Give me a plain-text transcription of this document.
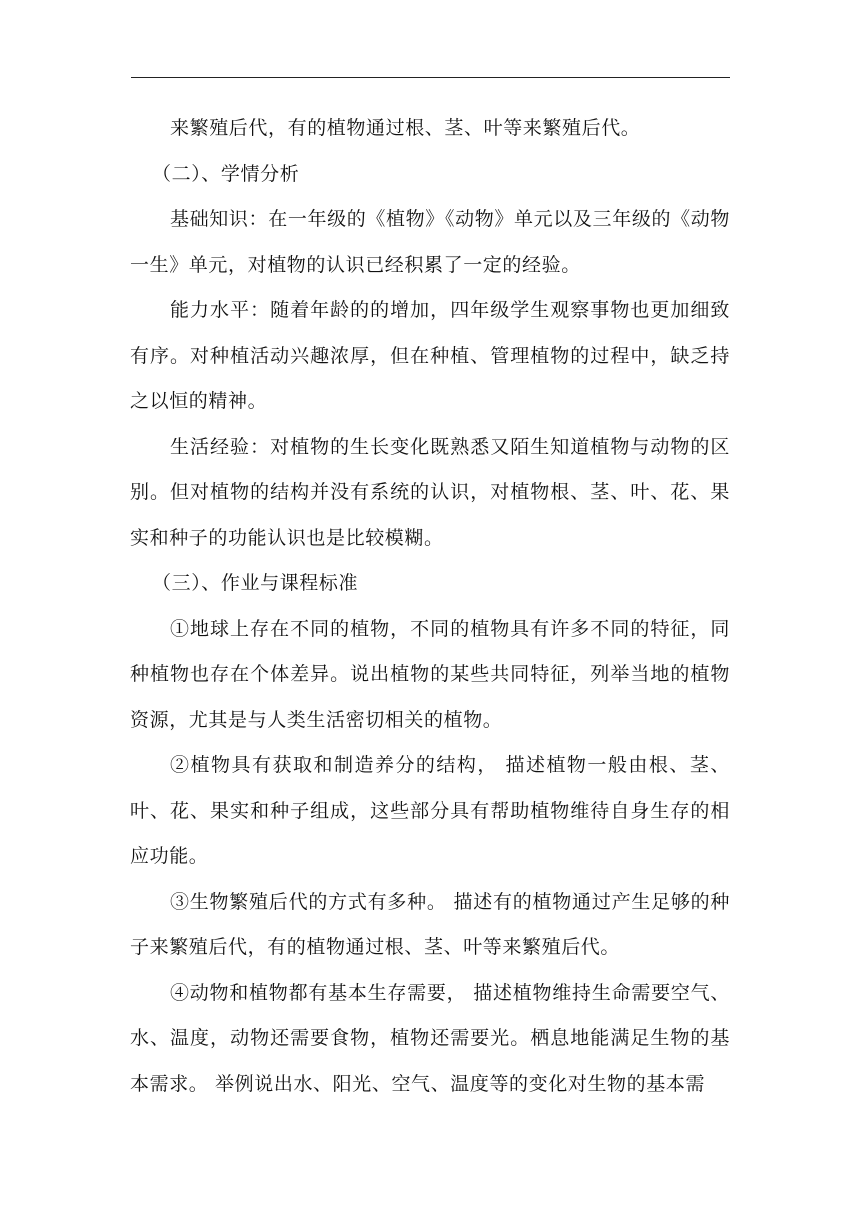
来繁殖后代，有的植物通过根、茎、叶等来繁殖后代。

（二）、学情分析

基础知识：在一年级的《植物》《动物》单元以及三年级的《动物一生》单元，对植物的认识已经积累了一定的经验。

能力水平：随着年龄的的增加，四年级学生观察事物也更加细致有序。对种植活动兴趣浓厚，但在种植、管理植物的过程中，缺乏持之以恒的精神。

生活经验：对植物的生长变化既熟悉又陌生知道植物与动物的区别。但对植物的结构并没有系统的认识，对植物根、茎、叶、花、果实和种子的功能认识也是比较模糊。

（三）、作业与课程标准

①地球上存在不同的植物，不同的植物具有许多不同的特征，同种植物也存在个体差异。说出植物的某些共同特征，列举当地的植物资源，尤其是与人类生活密切相关的植物。

②植物具有获取和制造养分的结构， 描述植物一般由根、茎、叶、花、果实和种子组成，这些部分具有帮助植物维待自身生存的相应功能。

③生物繁殖后代的方式有多种。 描述有的植物通过产生足够的种子来繁殖后代，有的植物通过根、茎、叶等来繁殖后代。

④动物和植物都有基本生存需要， 描述植物维持生命需要空气、水、温度，动物还需要食物，植物还需要光。栖息地能满足生物的基本需求。 举例说出水、阳光、空气、温度等的变化对生物的基本需
